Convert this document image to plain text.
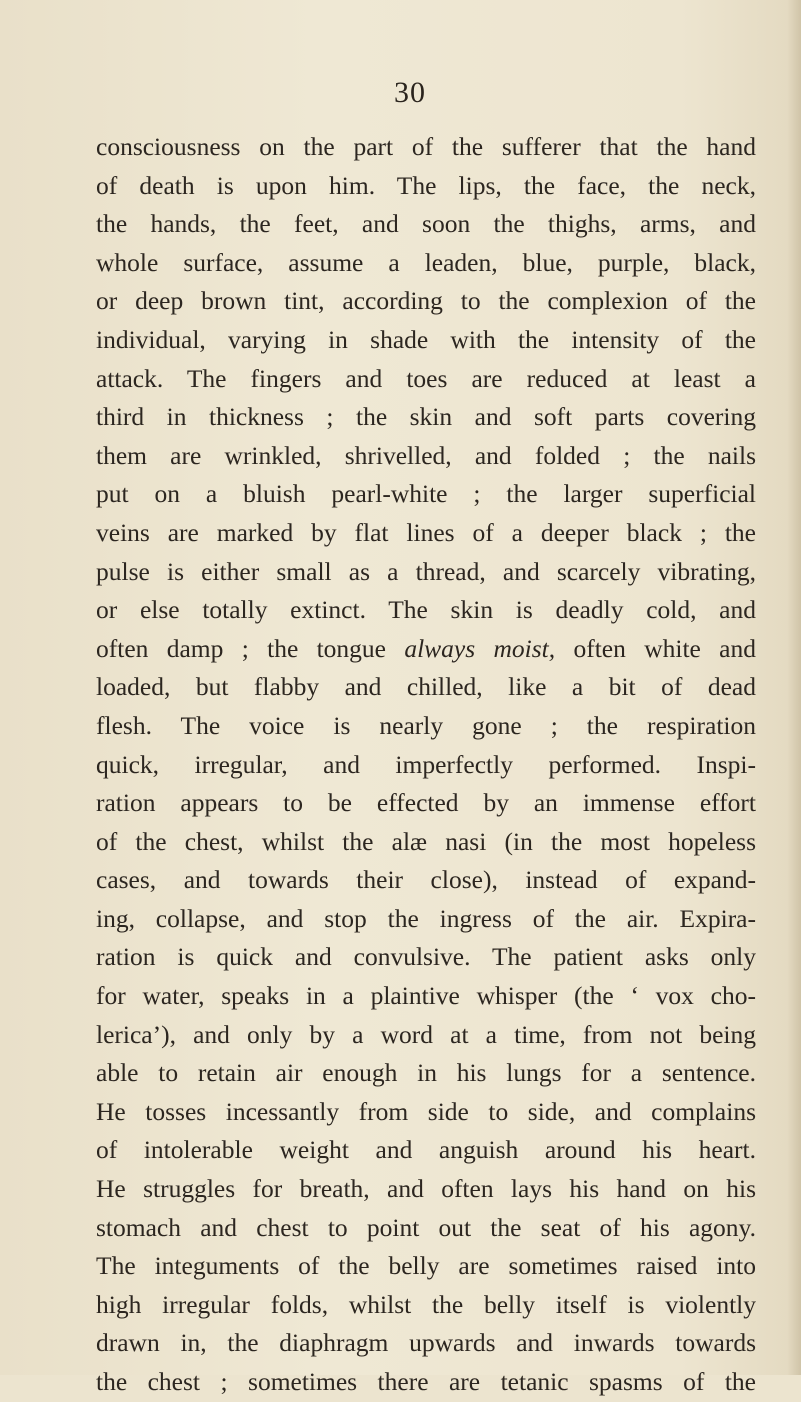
30
consciousness on the part of the sufferer that the hand
of death is upon him. The lips, the face, the neck,
the hands, the feet, and soon the thighs, arms, and
whole surface, assume a leaden, blue, purple, black,
or deep brown tint, according to the complexion of the
individual, varying in shade with the intensity of the
attack. The fingers and toes are reduced at least a
third in thickness ; the skin and soft parts covering
them are wrinkled, shrivelled, and folded ; the nails
put on a bluish pearl-white ; the larger superficial
veins are marked by flat lines of a deeper black ; the
pulse is either small as a thread, and scarcely vibrating,
or else totally extinct. The skin is deadly cold, and
often damp ; the tongue always moist, often white and
loaded, but flabby and chilled, like a bit of dead
flesh. The voice is nearly gone ; the respiration
quick, irregular, and imperfectly performed. Inspi-
ration appears to be effected by an immense effort
of the chest, whilst the alæ nasi (in the most hopeless
cases, and towards their close), instead of expand-
ing, collapse, and stop the ingress of the air. Expira-
ration is quick and convulsive. The patient asks only
for water, speaks in a plaintive whisper (the ‘ vox cho-
lerica’), and only by a word at a time, from not being
able to retain air enough in his lungs for a sentence.
He tosses incessantly from side to side, and complains
of intolerable weight and anguish around his heart.
He struggles for breath, and often lays his hand on his
stomach and chest to point out the seat of his agony.
The integuments of the belly are sometimes raised into
high irregular folds, whilst the belly itself is violently
drawn in, the diaphragm upwards and inwards towards
the chest ; sometimes there are tetanic spasms of the
